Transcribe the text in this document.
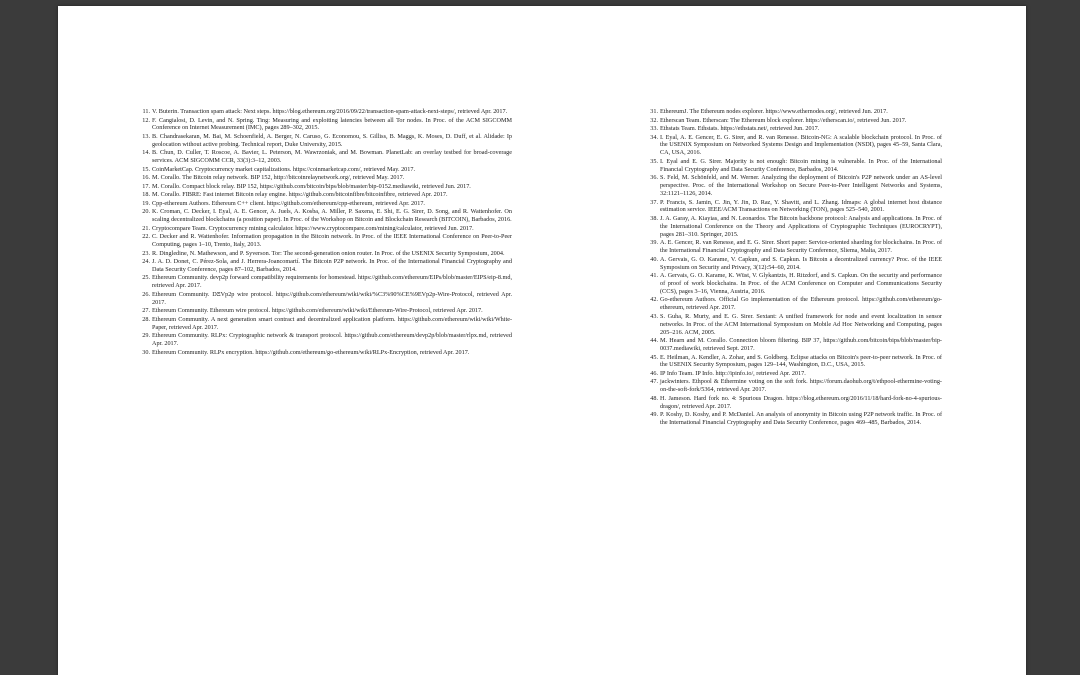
11. V. Buterin. Transaction spam attack: Next steps. https://blog.ethereum.org/2016/09/22/transaction-spam-attack-next-steps/, retrieved Apr. 2017.
12. F. Cangialosi, D. Levin, and N. Spring. Ting: Measuring and exploiting latencies between all Tor nodes. In Proc. of the ACM SIGCOMM Conference on Internet Measurement (IMC), pages 289–302, 2015.
13. B. Chandrasekaran, M. Bai, M. Schoenfield, A. Berger, N. Caruso, G. Economou, S. Gilliss, B. Maggs, K. Moses, D. Duff, et al. Alidade: Ip geolocation without active probing. Technical report, Duke University, 2015.
14. B. Chun, D. Culler, T. Roscoe, A. Bavier, L. Peterson, M. Wawrzoniak, and M. Bowman. PlanetLab: an overlay testbed for broad-coverage services. ACM SIGCOMM CCR, 33(3):3–12, 2003.
15. CoinMarketCap. Cryptocurrency market capitalizations. https://coinmarketcap.com/, retrieved May. 2017.
16. M. Corallo. The Bitcoin relay network. BIP 152, http://bitcoinrelaynetwork.org/, retrieved May. 2017.
17. M. Corallo. Compact block relay. BIP 152, https://github.com/bitcoin/bips/blob/master/bip-0152.mediawiki, retrieved Jun. 2017.
18. M. Corallo. FIBRE: Fast internet Bitcoin relay engine. https://github.com/bitcoinfibre/bitcoinfibre, retrieved Apr. 2017.
19. Cpp-ethereum Authors. Ethereum C++ client. https://github.com/ethereum/cpp-ethereum, retrieved Apr. 2017.
20. K. Croman, C. Decker, I. Eyal, A. E. Gencer, A. Juels, A. Kosba, A. Miller, P. Saxena, E. Shi, E. G. Sirer, D. Song, and R. Wattenhofer. On scaling decentralized blockchains (a position paper). In Proc. of the Workshop on Bitcoin and Blockchain Research (BITCOIN), Barbados, 2016.
21. Cryptocompare Team. Cryptocurrency mining calculator. https://www.cryptocompare.com/mining/calculator, retrieved Jun. 2017.
22. C. Decker and R. Wattenhofer. Information propagation in the Bitcoin network. In Proc. of the IEEE International Conference on Peer-to-Peer Computing, pages 1–10, Trento, Italy, 2013.
23. R. Dingledine, N. Mathewson, and P. Syverson. Tor: The second-generation onion router. In Proc. of the USENIX Security Symposium, 2004.
24. J. A. D. Donet, C. Pérez-Sola, and J. Herrera-Joancomartí. The Bitcoin P2P network. In Proc. of the International Financial Cryptography and Data Security Conference, pages 87–102, Barbados, 2014.
25. Ethereum Community. devp2p forward compatibility requirements for homestead. https://github.com/ethereum/EIPs/blob/master/EIPS/eip-8.md, retrieved Apr. 2017.
26. Ethereum Community. DΞVp2p wire protocol. https://github.com/ethereum/wiki/wiki/%C3%90%CE%9EVp2p-Wire-Protocol, retrieved Apr. 2017.
27. Ethereum Community. Ethereum wire protocol. https://github.com/ethereum/wiki/wiki/Ethereum-Wire-Protocol, retrieved Apr. 2017.
28. Ethereum Community. A next generation smart contract and decentralized application platform. https://github.com/ethereum/wiki/wiki/White-Paper, retrieved Apr. 2017.
29. Ethereum Community. RLPx: Cryptographic network & transport protocol. https://github.com/ethereum/devp2p/blob/master/rlpx.md, retrieved Apr. 2017.
30. Ethereum Community. RLPx encryption. https://github.com/ethereum/go-ethereum/wiki/RLPx-Encryption, retrieved Apr. 2017.
31. EthereumJ. The Ethereum nodes explorer. https://www.ethernodes.org/, retrieved Jun. 2017.
32. Etherscan Team. Etherscan: The Ethereum block explorer. https://etherscan.io/, retrieved Jun. 2017.
33. Ethstats Team. Ethstats. https://ethstats.net/, retrieved Jun. 2017.
34. I. Eyal, A. E. Gencer, E. G. Sirer, and R. van Renesse. Bitcoin-NG: A scalable blockchain protocol. In Proc. of the USENIX Symposium on Networked Systems Design and Implementation (NSDI), pages 45–59, Santa Clara, CA, USA, 2016.
35. I. Eyal and E. G. Sirer. Majority is not enough: Bitcoin mining is vulnerable. In Proc. of the International Financial Cryptography and Data Security Conference, Barbados, 2014.
36. S. Feld, M. Schönfeld, and M. Werner. Analyzing the deployment of Bitcoin's P2P network under an AS-level perspective. Proc. of the International Workshop on Secure Peer-to-Peer Intelligent Networks and Systems, 32:1121–1126, 2014.
37. P. Francis, S. Jamin, C. Jin, Y. Jin, D. Raz, Y. Shavitt, and L. Zhang. Idmaps: A global internet host distance estimation service. IEEE/ACM Transactions on Networking (TON), pages 525–540, 2001.
38. J. A. Garay, A. Kiayias, and N. Leonardos. The Bitcoin backbone protocol: Analysis and applications. In Proc. of the International Conference on the Theory and Applications of Cryptographic Techniques (EUROCRYPT), pages 281–310. Springer, 2015.
39. A. E. Gencer, R. van Renesse, and E. G. Sirer. Short paper: Service-oriented sharding for blockchains. In Proc. of the International Financial Cryptography and Data Security Conference, Sliema, Malta, 2017.
40. A. Gervais, G. O. Karame, V. Capkun, and S. Capkun. Is Bitcoin a decentralized currency? Proc. of the IEEE Symposium on Security and Privacy, 3(12):54–60, 2014.
41. A. Gervais, G. O. Karame, K. Wüst, V. Glykantzis, H. Ritzdorf, and S. Capkun. On the security and performance of proof of work blockchains. In Proc. of the ACM Conference on Computer and Communications Security (CCS), pages 3–16, Vienna, Austria, 2016.
42. Go-ethereum Authors. Official Go implementation of the Ethereum protocol. https://github.com/ethereum/go-ethereum, retrieved Apr. 2017.
43. S. Guha, R. Murty, and E. G. Sirer. Sextant: A unified framework for node and event localization in sensor networks. In Proc. of the ACM International Symposium on Mobile Ad Hoc Networking and Computing, pages 205–216. ACM, 2005.
44. M. Hearn and M. Corallo. Connection bloom filtering. BIP 37, https://github.com/bitcoin/bips/blob/master/bip-0037.mediawiki, retrieved Sept. 2017.
45. E. Heilman, A. Kendler, A. Zohar, and S. Goldberg. Eclipse attacks on Bitcoin's peer-to-peer network. In Proc. of the USENIX Security Symposium, pages 129–144, Washington, D.C., USA, 2015.
46. IP Info Team. IP Info. http://ipinfo.io/, retrieved Apr. 2017.
47. jackwinters. Ethpool & Ethermine voting on the soft fork. https://forum.daohub.org/t/ethpool-ethermine-voting-on-the-soft-fork/5364, retrieved Apr. 2017.
48. H. Jameson. Hard fork no. 4: Spurious Dragon. https://blog.ethereum.org/2016/11/18/hard-fork-no-4-spurious-dragon/, retrieved Apr. 2017.
49. P. Koshy, D. Koshy, and P. McDaniel. An analysis of anonymity in Bitcoin using P2P network traffic. In Proc. of the International Financial Cryptography and Data Security Conference, pages 469–485, Barbados, 2014.
